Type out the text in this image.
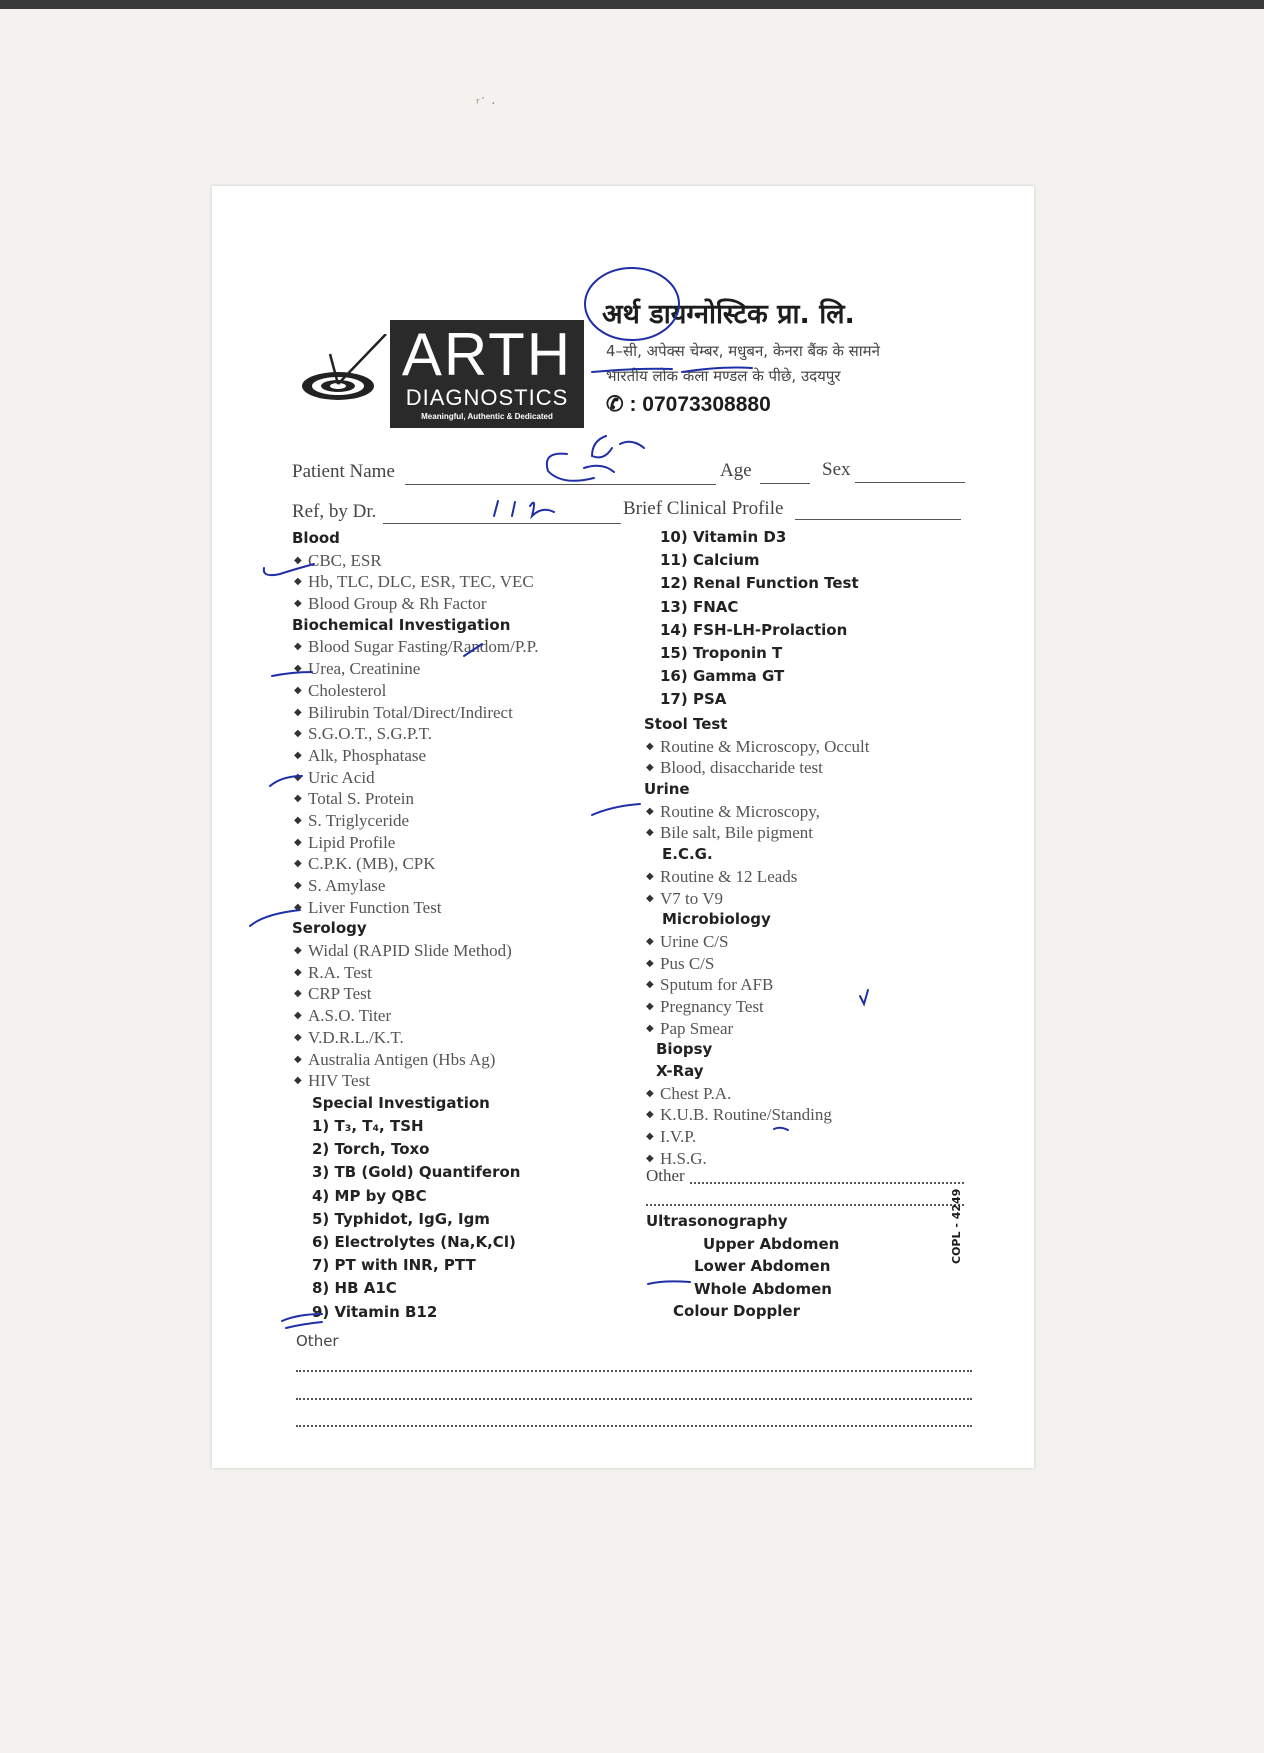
ʳ˙ ·
ARTH
DIAGNOSTICS
Meaningful, Authentic & Dedicated
अर्थ डायग्नोस्टिक प्रा. लि.
4–सी, अपेक्स चेम्बर, मधुबन, केनरा बैंक के सामने
भारतीय लोक कला मण्डल के पीछे, उदयपुर
✆ : 07073308880
Patient Name	Age	Sex
Ref, by Dr.	Brief Clinical Profile
Blood
◆ CBC, ESR
◆ Hb, TLC, DLC, ESR, TEC, VEC
◆ Blood Group & Rh Factor
Biochemical Investigation
◆ Blood Sugar Fasting/Random/P.P.
◆ Urea, Creatinine
◆ Cholesterol
◆ Bilirubin Total/Direct/Indirect
◆ S.G.O.T., S.G.P.T.
◆ Alk, Phosphatase
◆ Uric Acid
◆ Total S. Protein
◆ S. Triglyceride
◆ Lipid Profile
◆ C.P.K. (MB), CPK
◆ S. Amylase
◆ Liver Function Test
Serology
◆ Widal (RAPID Slide Method)
◆ R.A. Test
◆ CRP Test
◆ A.S.O. Titer
◆ V.D.R.L./K.T.
◆ Australia Antigen (Hbs Ag)
◆ HIV Test
Special Investigation
1) T₃, T₄, TSH
2) Torch, Toxo
3) TB (Gold) Quantiferon
4) MP by QBC
5) Typhidot, IgG, Igm
6) Electrolytes (Na,K,Cl)
7) PT with INR, PTT
8) HB A1C
9) Vitamin B12
Other
10) Vitamin D3
11) Calcium
12) Renal Function Test
13) FNAC
14) FSH-LH-Prolaction
15) Troponin T
16) Gamma GT
17) PSA
Stool Test
◆ Routine & Microscopy, Occult
◆ Blood, disaccharide test
Urine
◆ Routine & Microscopy,
◆ Bile salt, Bile pigment
E.C.G.
◆ Routine & 12 Leads
◆ V7 to V9
Microbiology
◆ Urine C/S
◆ Pus C/S
◆ Sputum for AFB
◆ Pregnancy Test
◆ Pap Smear
Biopsy
X-Ray
◆ Chest P.A.
◆ K.U.B. Routine/Standing
◆ I.V.P.
◆ H.S.G.
Other
Ultrasonography
Upper Abdomen
Lower Abdomen
Whole Abdomen
Colour Doppler
COPL - 4249
